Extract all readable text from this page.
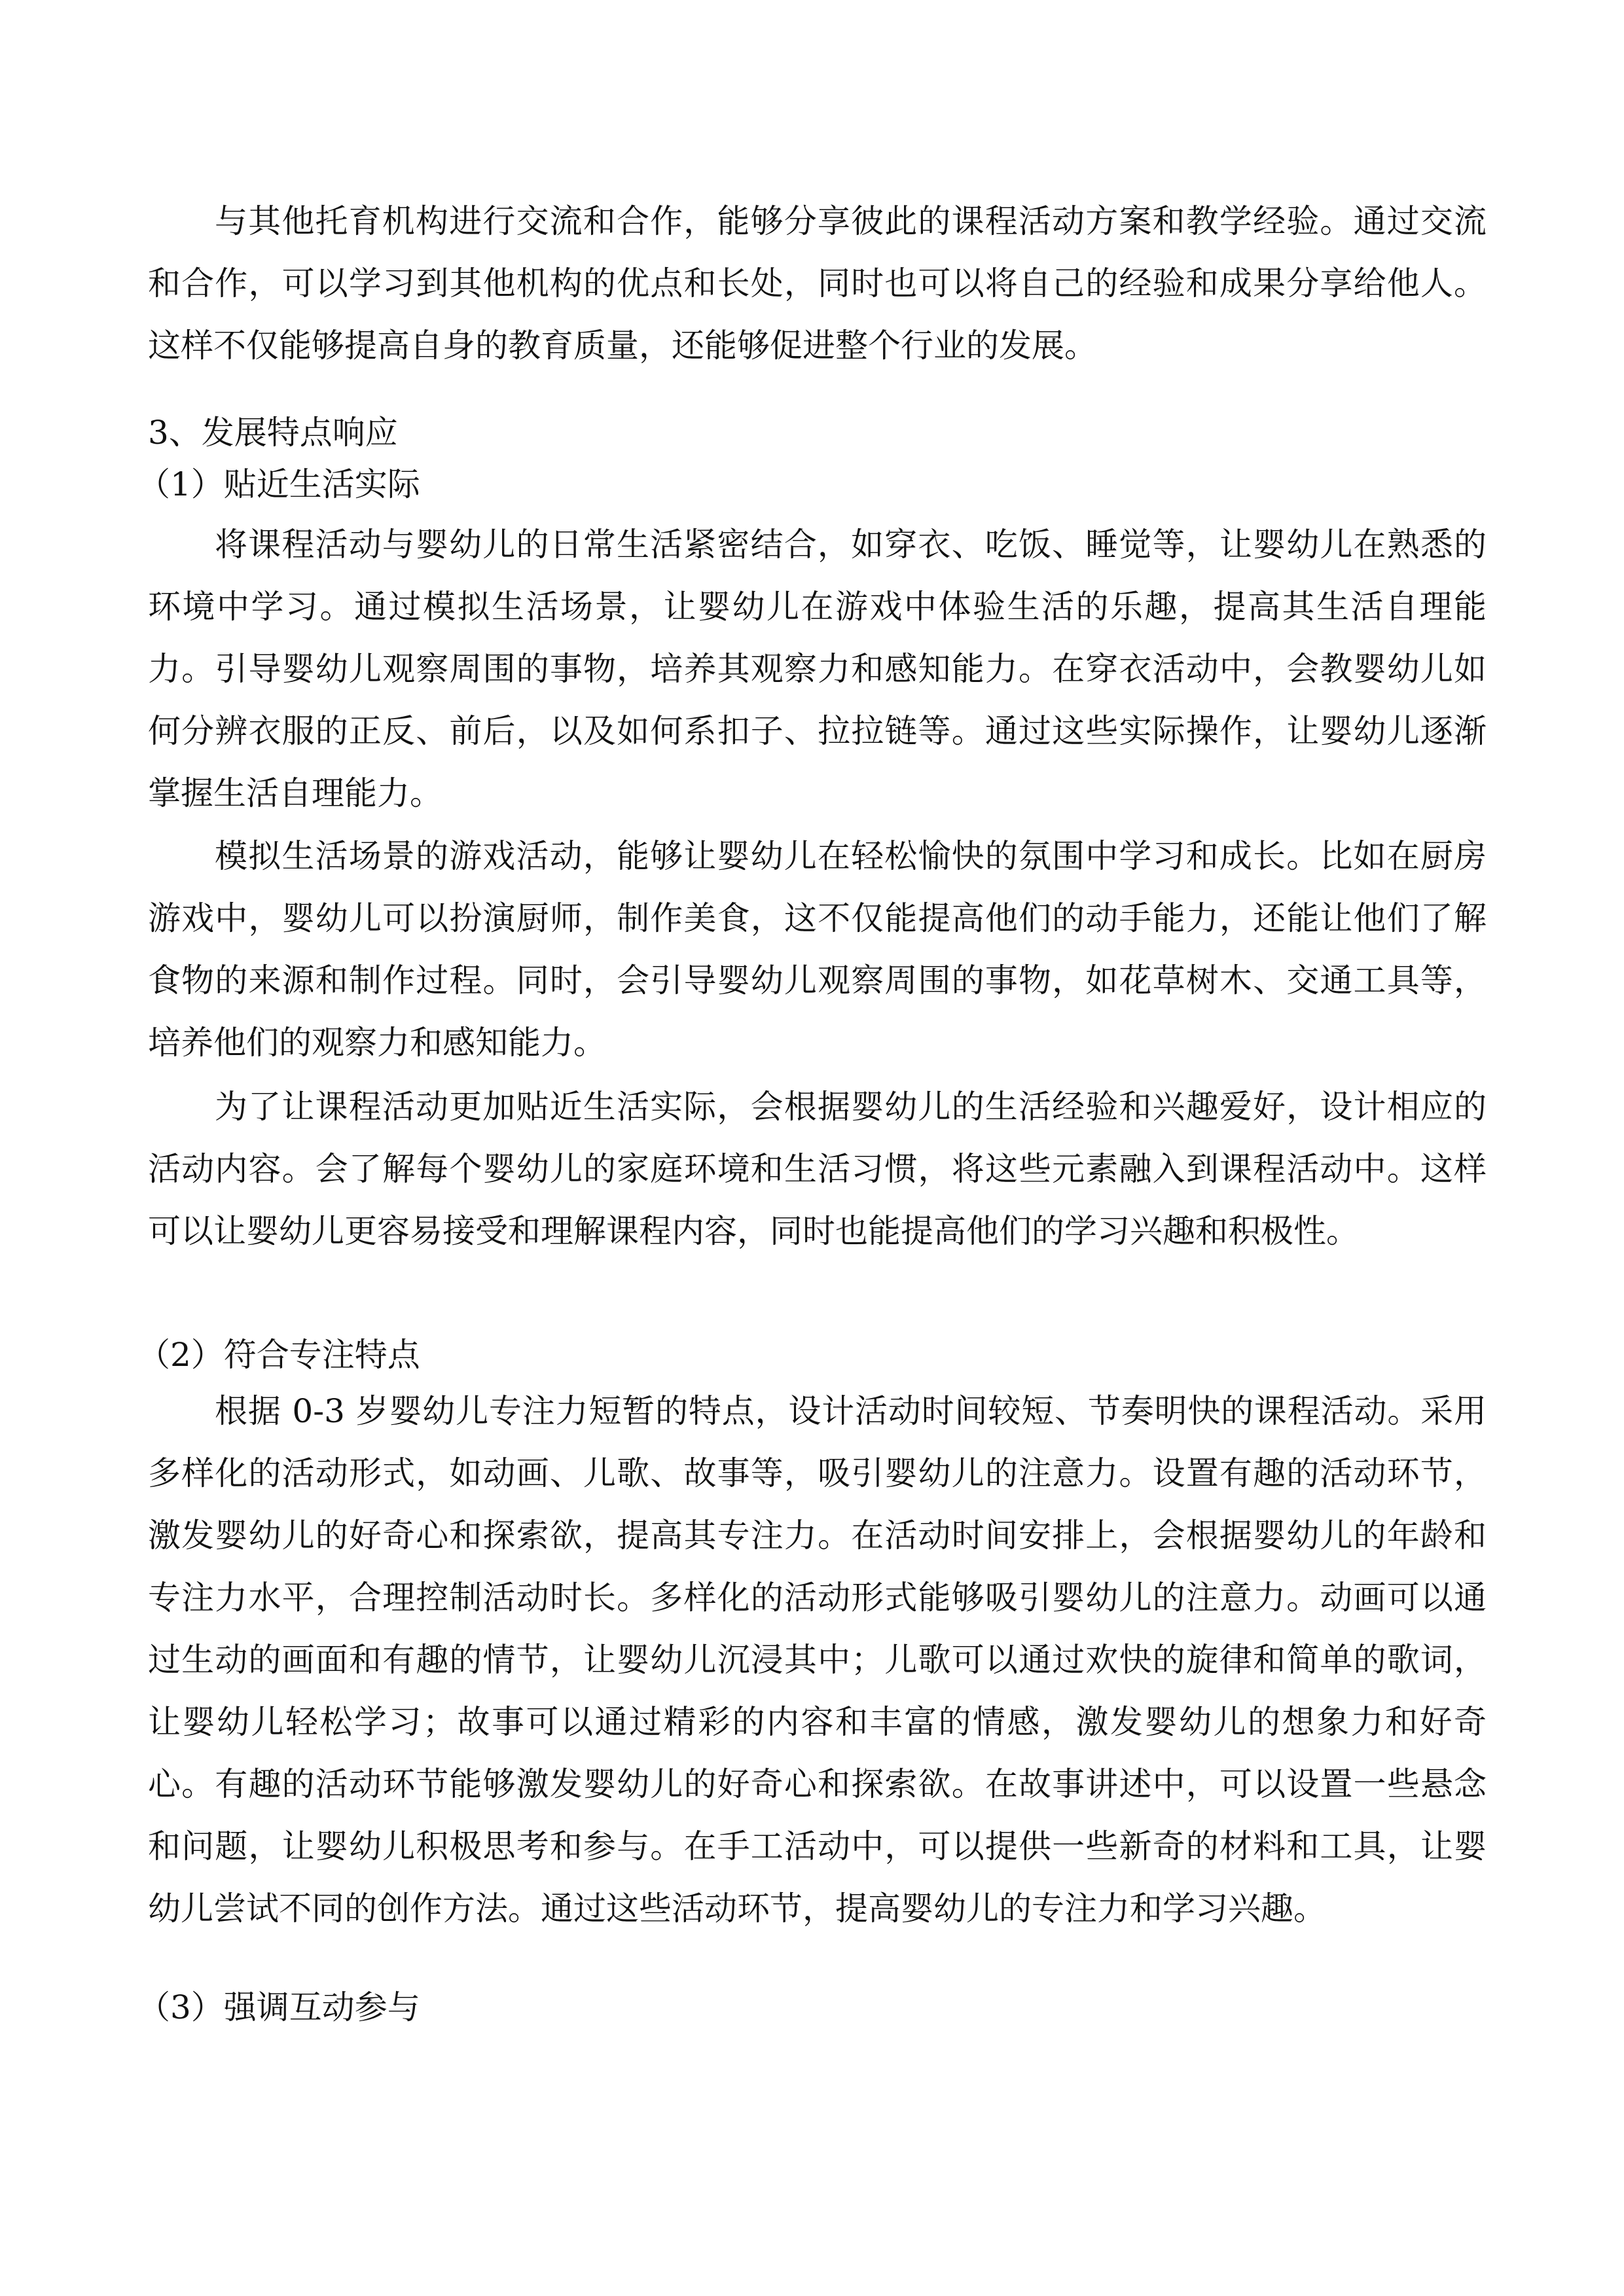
与其他托育机构进行交流和合作，能够分享彼此的课程活动方案和教学经验。通过交流
和合作，可以学习到其他机构的优点和长处，同时也可以将自己的经验和成果分享给他人。
这样不仅能够提高自身的教育质量，还能够促进整个行业的发展。
3、发展特点响应
（1）贴近生活实际
将课程活动与婴幼儿的日常生活紧密结合，如穿衣、吃饭、睡觉等，让婴幼儿在熟悉的
环境中学习。通过模拟生活场景，让婴幼儿在游戏中体验生活的乐趣，提高其生活自理能
力。引导婴幼儿观察周围的事物，培养其观察力和感知能力。在穿衣活动中，会教婴幼儿如
何分辨衣服的正反、前后，以及如何系扣子、拉拉链等。通过这些实际操作，让婴幼儿逐渐
掌握生活自理能力。
模拟生活场景的游戏活动，能够让婴幼儿在轻松愉快的氛围中学习和成长。比如在厨房
游戏中，婴幼儿可以扮演厨师，制作美食，这不仅能提高他们的动手能力，还能让他们了解
食物的来源和制作过程。同时，会引导婴幼儿观察周围的事物，如花草树木、交通工具等，
培养他们的观察力和感知能力。
为了让课程活动更加贴近生活实际，会根据婴幼儿的生活经验和兴趣爱好，设计相应的
活动内容。会了解每个婴幼儿的家庭环境和生活习惯，将这些元素融入到课程活动中。这样
可以让婴幼儿更容易接受和理解课程内容，同时也能提高他们的学习兴趣和积极性。
（2）符合专注特点
根据 0-3 岁婴幼儿专注力短暂的特点，设计活动时间较短、节奏明快的课程活动。采用
多样化的活动形式，如动画、儿歌、故事等，吸引婴幼儿的注意力。设置有趣的活动环节，
激发婴幼儿的好奇心和探索欲，提高其专注力。在活动时间安排上，会根据婴幼儿的年龄和
专注力水平，合理控制活动时长。多样化的活动形式能够吸引婴幼儿的注意力。动画可以通
过生动的画面和有趣的情节，让婴幼儿沉浸其中；儿歌可以通过欢快的旋律和简单的歌词，
让婴幼儿轻松学习；故事可以通过精彩的内容和丰富的情感，激发婴幼儿的想象力和好奇
心。有趣的活动环节能够激发婴幼儿的好奇心和探索欲。在故事讲述中，可以设置一些悬念
和问题，让婴幼儿积极思考和参与。在手工活动中，可以提供一些新奇的材料和工具，让婴
幼儿尝试不同的创作方法。通过这些活动环节，提高婴幼儿的专注力和学习兴趣。
（3）强调互动参与
